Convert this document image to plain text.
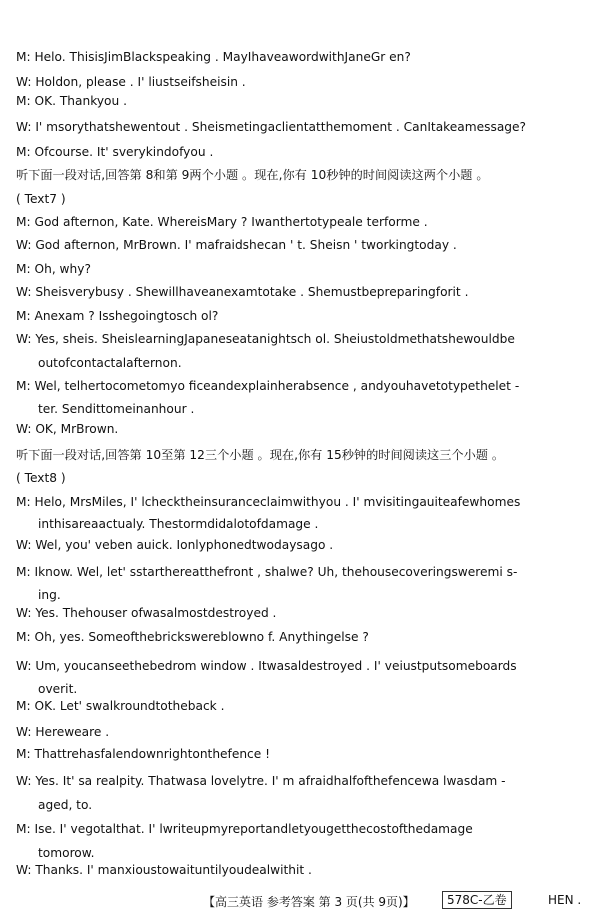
M: Helo. ThisisJimBlackspeaking . MayIhaveawordwithJaneGr en?
W: Holdon, please . I' liustseifsheisin .
M: OK. Thankyou .
W: I' msorythatshewentout . Sheismetingaclientatthemoment . CanItakeamessage?
M: Ofcourse. It' sverykindofyou .
听下面一段对话,回答第 8和第 9两个小题 。现在,你有 10秒钟的时间阅读这两个小题 。
( Text7 )
M: God afternon, Kate. WhereisMary ? Iwanthertotypeale terforme .
W: God afternon, MrBrown. I' mafraidshecan ' t. Sheisn ' tworkingtoday .
M: Oh, why?
W: Sheisverybusy . Shewillhaveanexamtotake . Shemustbepreparingforit .
M: Anexam ? Isshegoingtosch ol?
W: Yes, sheis. SheislearningJapaneseatanightsch ol. Sheiustoldmethatshewouldbe
outofcontactalafternon.
M: Wel, telhertocometomyo ficeandexplainherabsence , andyouhavetotypethelet -
ter. Sendittomeinanhour .
W: OK, MrBrown.
听下面一段对话,回答第 10至第 12三个小题 。现在,你有 15秒钟的时间阅读这三个小题 。
( Text8 )
M: Helo, MrsMiles, I' lchecktheinsuranceclaimwithyou . I' mvisitingauiteafewhomes
inthisareaactualy. Thestormdidalotofdamage .
W: Wel, you' veben auick. Ionlyphonedtwodaysago .
M: Iknow. Wel, let' sstarthereatthefront , shalwe? Uh, thehousecoveringsweremi s-
ing.
W: Yes. Thehouser ofwasalmostdestroyed .
M: Oh, yes. Someofthebrickswereblowno f. Anythingelse ?
W: Um, youcanseethebedrom window . Itwasaldestroyed . I' veiustputsomeboards
overit.
M: OK. Let' swalkroundtotheback .
W: Hereweare .
M: Thattrehasfalendownrightonthefence !
W: Yes. It' sa realpity. Thatwasa lovelytre. I' m afraidhalfofthefencewa lwasdam -
aged, to.
M: Ise. I' vegotalthat. I' lwriteupmyreportandletyougetthecostofthedamage
tomorow.
W: Thanks. I' manxioustowaituntilyoudealwithit .
【高三英语 参考答案 第 3 页(共 9页)】	578C-乙卷	HEN .
